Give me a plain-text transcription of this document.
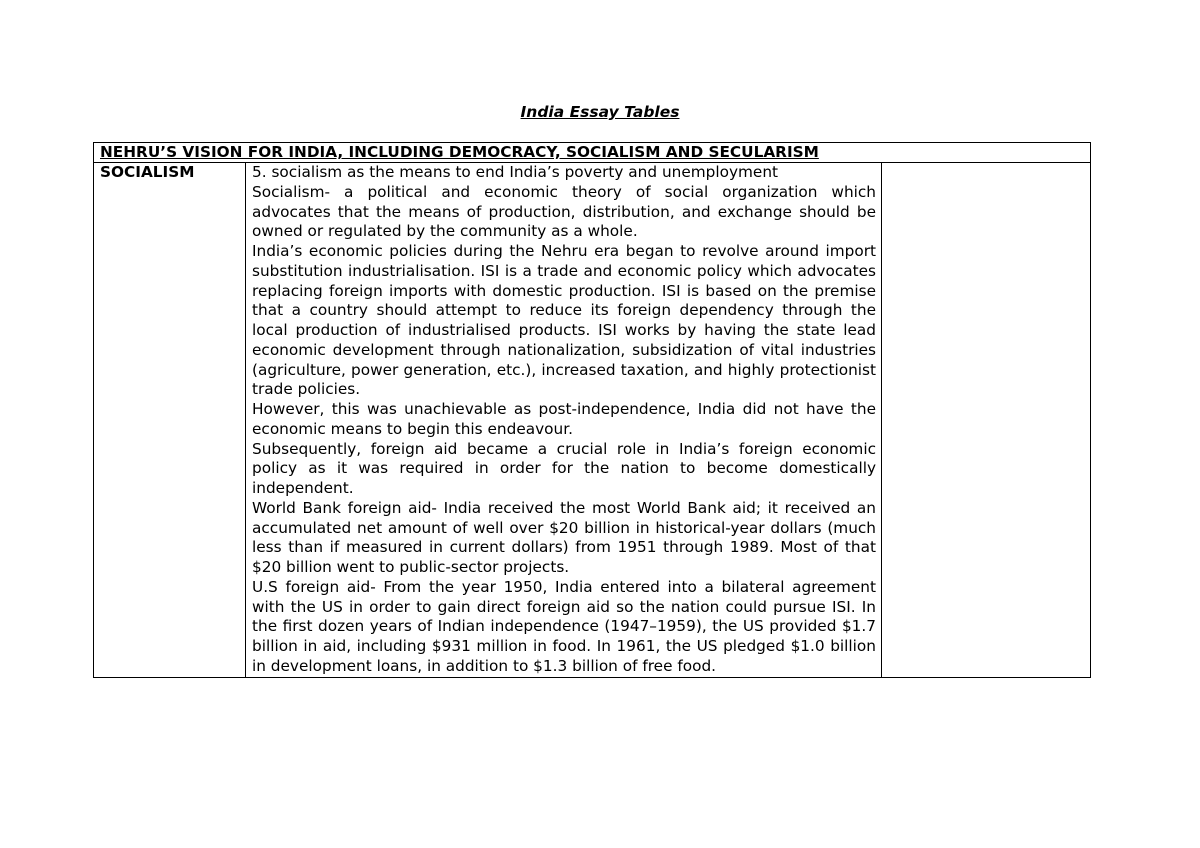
India Essay Tables
NEHRU’S VISION FOR INDIA, INCLUDING DEMOCRACY, SOCIALISM AND SECULARISM
SOCIALISM	5. socialism as the means to end India’s poverty and unemployment

Socialism- a political and economic theory of social organization which advocates that the means of production, distribution, and exchange should be owned or regulated by the community as a whole.

India’s economic policies during the Nehru era began to revolve around import substitution industrialisation. ISI is a trade and economic policy which advocates replacing foreign imports with domestic production. ISI is based on the premise that a country should attempt to reduce its foreign dependency through the local production of industrialised products. ISI works by having the state lead economic development through nationalization, subsidization of vital industries (agriculture, power generation, etc.), increased taxation, and highly protectionist trade policies.

However, this was unachievable as post-independence, India did not have the economic means to begin this endeavour.

Subsequently, foreign aid became a crucial role in India’s foreign economic policy as it was required in order for the nation to become domestically independent.

World Bank foreign aid- India received the most World Bank aid; it received an accumulated net amount of well over $20 billion in historical-year dollars (much less than if measured in current dollars) from 1951 through 1989. Most of that $20 billion went to public-sector projects.

U.S foreign aid- From the year 1950, India entered into a bilateral agreement with the US in order to gain direct foreign aid so the nation could pursue ISI. In the first dozen years of Indian independence (1947–1959), the US provided $1.7 billion in aid, including $931 million in food. In 1961, the US pledged $1.0 billion in development loans, in addition to $1.3 billion of free food.
